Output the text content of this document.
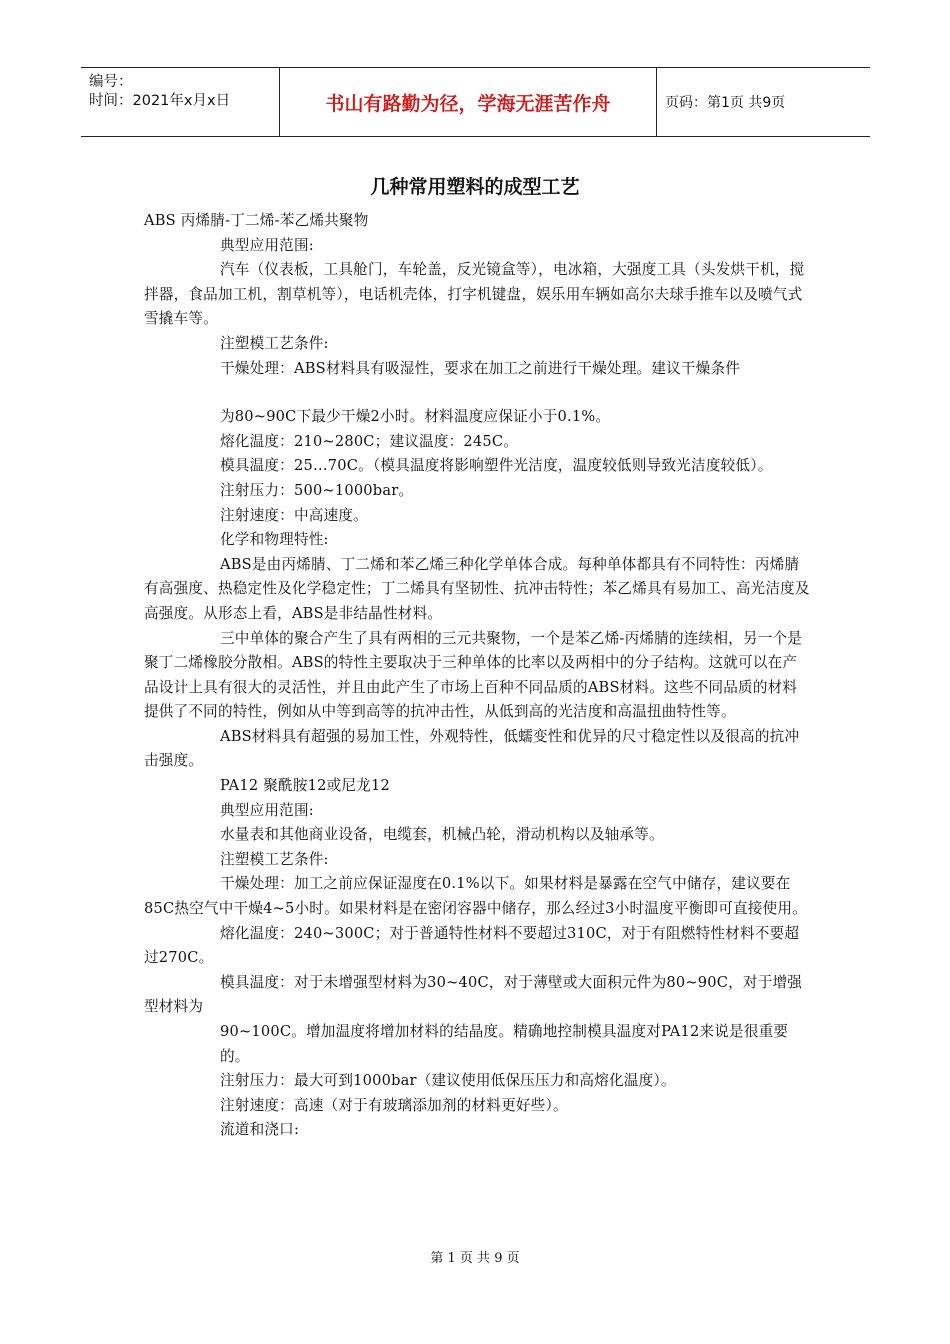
编号：
时间：2021年x月x日	书山有路勤为径，学海无涯苦作舟	页码：第1页 共9页
几种常用塑料的成型工艺

ABS 丙烯腈-丁二烯-苯乙烯共聚物

典型应用范围:

汽车（仪表板，工具舱门，车轮盖，反光镜盒等），电冰箱，大强度工具（头发烘干机，搅拌器，食品加工机，割草机等），电话机壳体，打字机键盘，娱乐用车辆如高尔夫球手推车以及喷气式雪撬车等。

注塑模工艺条件:

干燥处理：ABS材料具有吸湿性，要求在加工之前进行干燥处理。建议干燥条件

为80~90C下最少干燥2小时。材料温度应保证小于0.1%。

熔化温度：210~280C；建议温度：245C。

模具温度：25…70C。（模具温度将影响塑件光洁度，温度较低则导致光洁度较低）。

注射压力：500~1000bar。

注射速度：中高速度。

化学和物理特性:

ABS是由丙烯腈、丁二烯和苯乙烯三种化学单体合成。每种单体都具有不同特性：丙烯腈有高强度、热稳定性及化学稳定性；丁二烯具有坚韧性、抗冲击特性；苯乙烯具有易加工、高光洁度及高强度。从形态上看，ABS是非结晶性材料。

三中单体的聚合产生了具有两相的三元共聚物，一个是苯乙烯-丙烯腈的连续相，另一个是聚丁二烯橡胶分散相。ABS的特性主要取决于三种单体的比率以及两相中的分子结构。这就可以在产品设计上具有很大的灵活性，并且由此产生了市场上百种不同品质的ABS材料。这些不同品质的材料提供了不同的特性，例如从中等到高等的抗冲击性，从低到高的光洁度和高温扭曲特性等。

ABS材料具有超强的易加工性，外观特性，低蠕变性和优异的尺寸稳定性以及很高的抗冲击强度。

PA12 聚酰胺12或尼龙12

典型应用范围:

水量表和其他商业设备，电缆套，机械凸轮，滑动机构以及轴承等。

注塑模工艺条件:

干燥处理：加工之前应保证湿度在0.1%以下。如果材料是暴露在空气中储存，建议要在85C热空气中干燥4~5小时。如果材料是在密闭容器中储存，那么经过3小时温度平衡即可直接使用。

熔化温度：240~300C；对于普通特性材料不要超过310C，对于有阻燃特性材料不要超过270C。

模具温度：对于未增强型材料为30~40C，对于薄壁或大面积元件为80~90C，对于增强型材料为

90~100C。增加温度将增加材料的结晶度。精确地控制模具温度对PA12来说是很重要的。

注射压力：最大可到1000bar（建议使用低保压压力和高熔化温度）。

注射速度：高速（对于有玻璃添加剂的材料更好些）。

流道和浇口:

第 1 页 共 9 页
